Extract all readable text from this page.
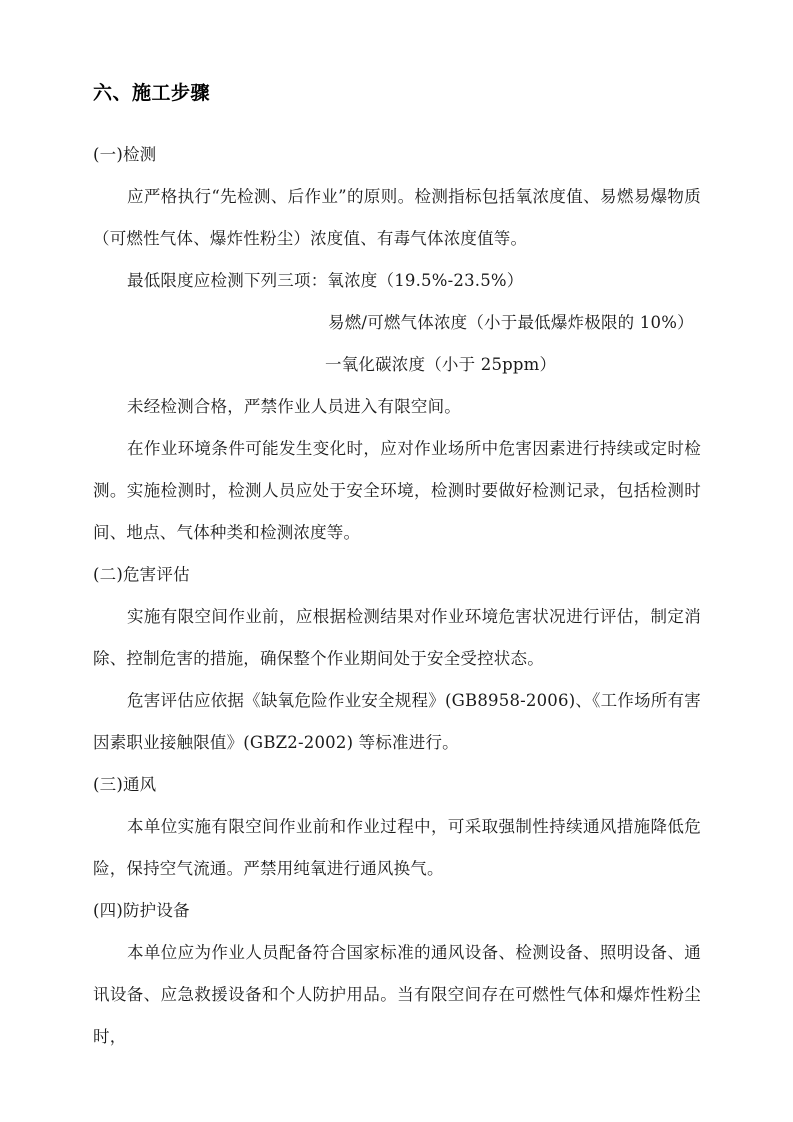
六、施工步骤
(一)检测

应严格执行“先检测、后作业”的原则。检测指标包括氧浓度值、易燃易爆物质（可燃性气体、爆炸性粉尘）浓度值、有毒气体浓度值等。

最低限度应检测下列三项：氧浓度（19.5%-23.5%）
易燃/可燃气体浓度（小于最低爆炸极限的 10%）
一氧化碳浓度（小于 25ppm）

未经检测合格，严禁作业人员进入有限空间。

在作业环境条件可能发生变化时，应对作业场所中危害因素进行持续或定时检测。实施检测时，检测人员应处于安全环境，检测时要做好检测记录，包括检测时间、地点、气体种类和检测浓度等。

(二)危害评估

实施有限空间作业前，应根据检测结果对作业环境危害状况进行评估，制定消除、控制危害的措施，确保整个作业期间处于安全受控状态。

危害评估应依据《缺氧危险作业安全规程》(GB8958-2006)、《工作场所有害因素职业接触限值》(GBZ2-2002) 等标准进行。

(三)通风

本单位实施有限空间作业前和作业过程中，可采取强制性持续通风措施降低危险，保持空气流通。严禁用纯氧进行通风换气。

(四)防护设备

本单位应为作业人员配备符合国家标准的通风设备、检测设备、照明设备、通讯设备、应急救援设备和个人防护用品。当有限空间存在可燃性气体和爆炸性粉尘时，
